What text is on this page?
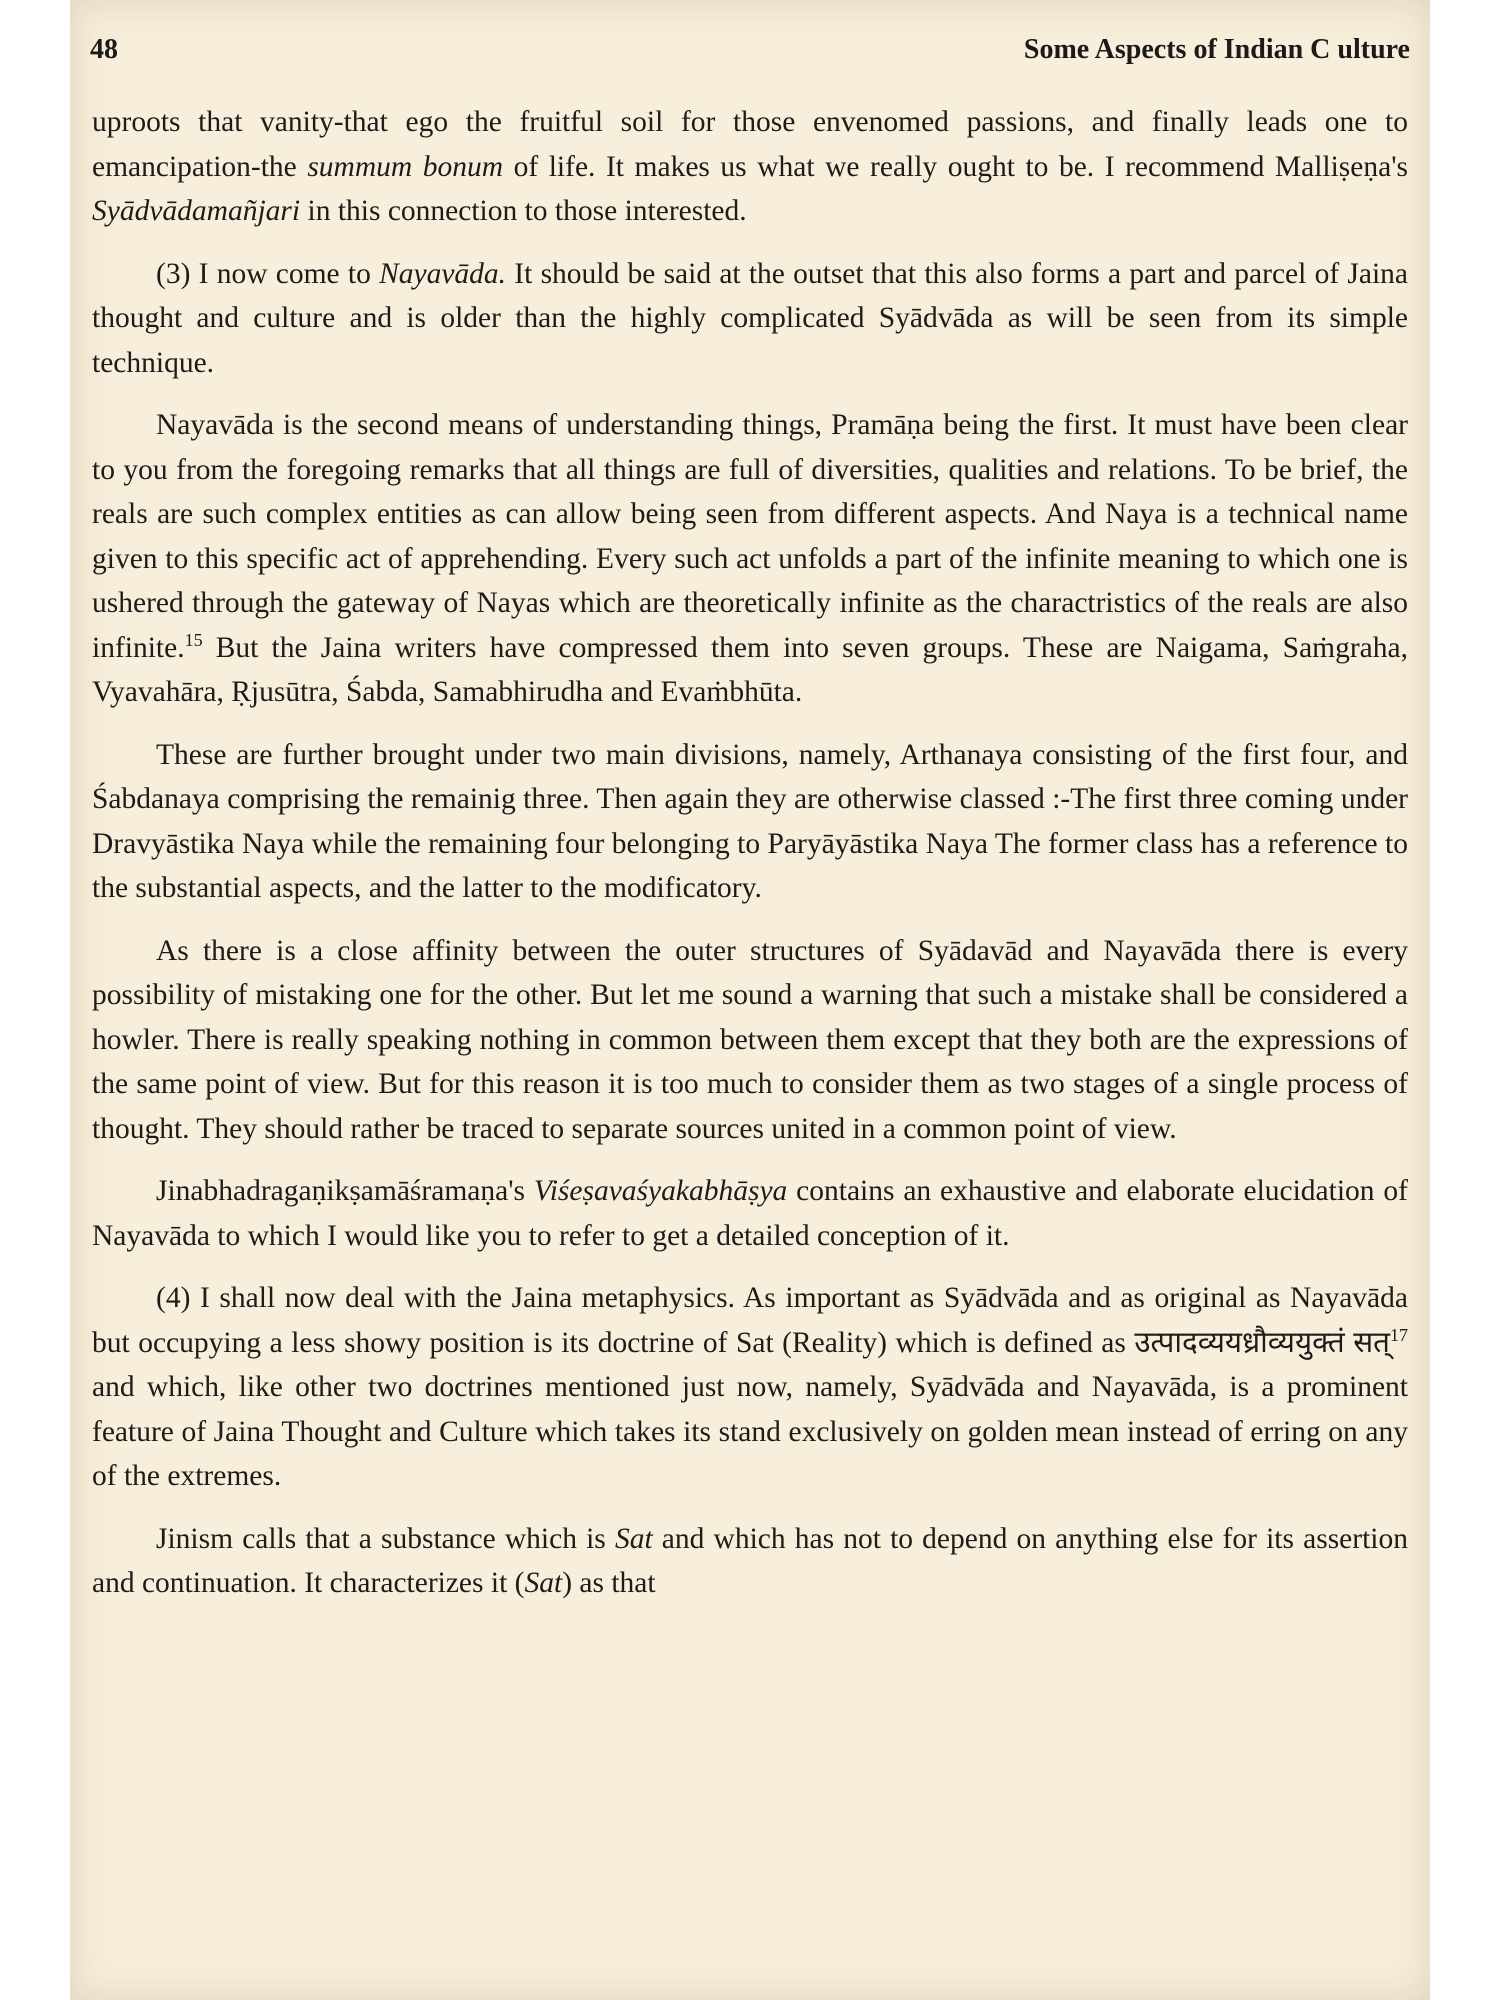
48	Some Aspects of Indian C ulture

uproots that vanity-that ego the fruitful soil for those envenomed passions, and finally leads one to emancipation-the summum bonum of life. It makes us what we really ought to be. I recommend Malliṣeṇa's Syādvādamañjari in this connection to those interested.

(3) I now come to Nayavāda. It should be said at the outset that this also forms a part and parcel of Jaina thought and culture and is older than the highly complicated Syādvāda as will be seen from its simple technique.

Nayavāda is the second means of understanding things, Pramāṇa being the first. It must have been clear to you from the foregoing remarks that all things are full of diversities, qualities and relations. To be brief, the reals are such complex entities as can allow being seen from different aspects. And Naya is a technical name given to this specific act of apprehending. Every such act unfolds a part of the infinite meaning to which one is ushered through the gateway of Nayas which are theoretically infinite as the charactristics of the reals are also infinite.$^{15}$ But the Jaina writers have compressed them into seven groups. These are Naigama, Saṁgraha, Vyavahāra, Ṛjusūtra, Śabda, Samabhirudha and Evaṁbhūta.

These are further brought under two main divisions, namely, Arthanaya consisting of the first four, and Śabdanaya comprising the remainig three. Then again they are otherwise classed :-The first three coming under Dravyāstika Naya while the remaining four belonging to Paryāyāstika Naya The former class has a reference to the substantial aspects, and the latter to the modificatory.

As there is a close affinity between the outer structures of Syādavād and Nayavāda there is every possibility of mistaking one for the other. But let me sound a warning that such a mistake shall be considered a howler. There is really speaking nothing in common between them except that they both are the expressions of the same point of view. But for this reason it is too much to consider them as two stages of a single process of thought. They should rather be traced to separate sources united in a common point of view.

Jinabhadragaṇikṣamāśramaṇa's Viśeṣavaśyakabhāṣya contains an exhaustive and elaborate elucidation of Nayavāda to which I would like you to refer to get a detailed conception of it.

(4) I shall now deal with the Jaina metaphysics. As important as Syādvāda and as original as Nayavāda but occupying a less showy position is its doctrine of Sat (Reality) which is defined as उत्पादव्ययध्रौव्ययुक्तं सत्$^{17}$ and which, like other two doctrines mentioned just now, namely, Syādvāda and Nayavāda, is a prominent feature of Jaina Thought and Culture which takes its stand exclusively on golden mean instead of erring on any of the extremes.

Jinism calls that a substance which is Sat and which has not to depend on anything else for its assertion and continuation. It characterizes it (Sat) as that
